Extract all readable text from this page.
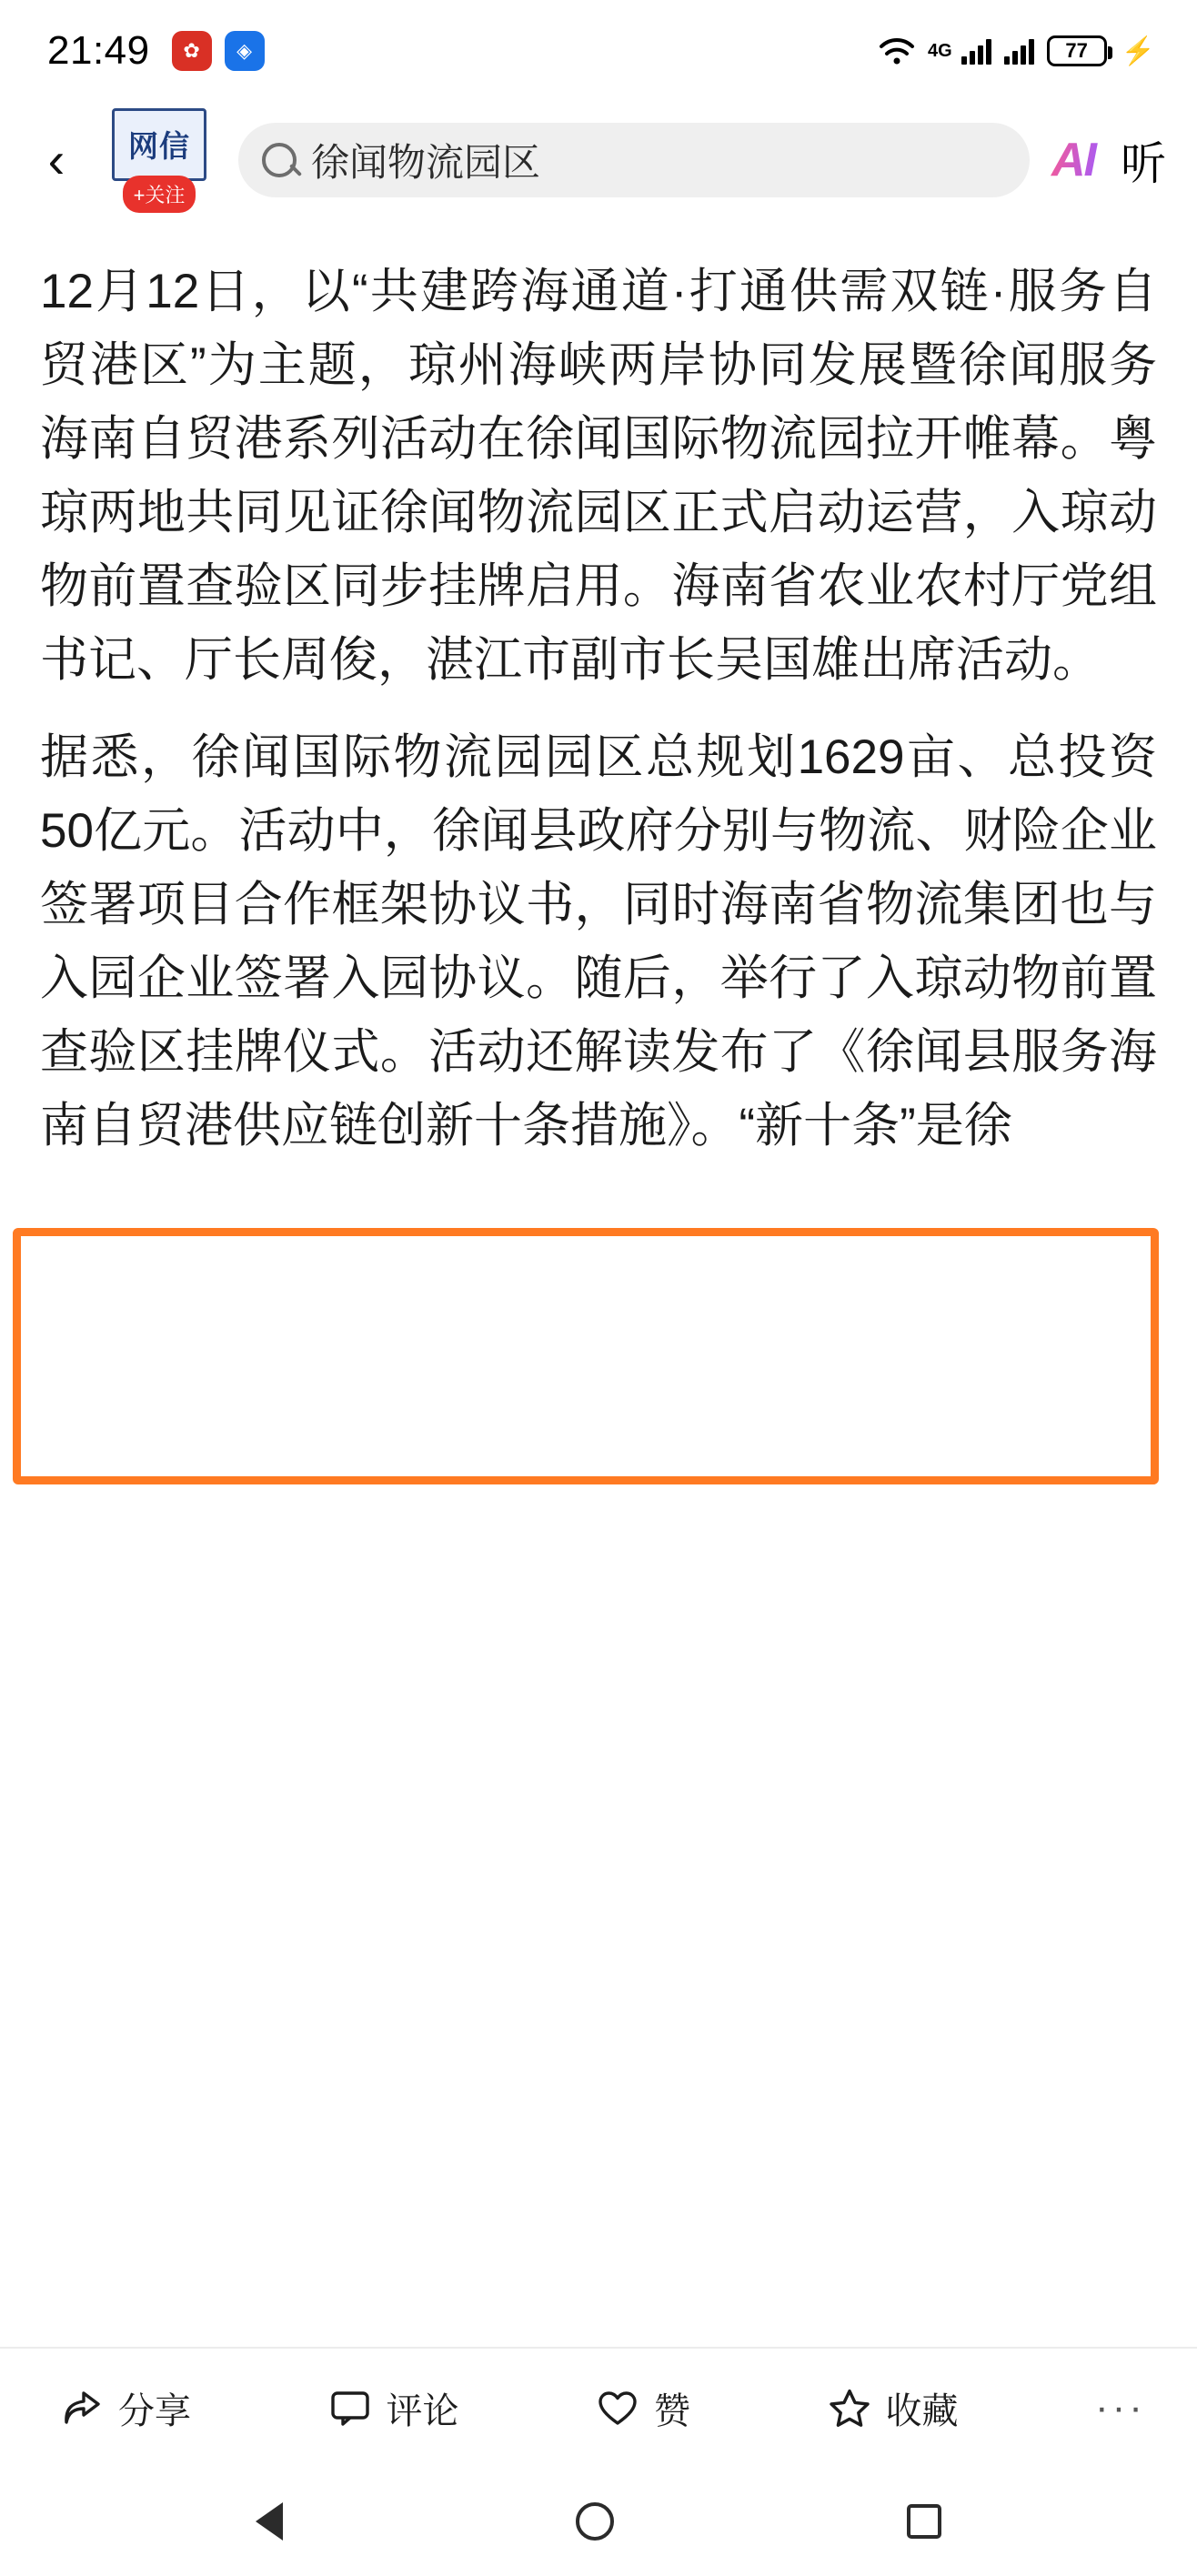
21:49	✿	◈	4G	77	⚡
‹	网信
+关注
徐闻物流园区	AI 听

12月12日，以“共建跨海通道·打通供需双链·服务自贸港区”为主题，琼州海峡两岸协同发展暨徐闻服务海南自贸港系列活动在徐闻国际物流园拉开帷幕。粤琼两地共同见证徐闻物流园区正式启动运营，入琼动物前置查验区同步挂牌启用。海南省农业农村厅党组书记、厅长周俊，湛江市副市长吴国雄出席活动。

据悉，徐闻国际物流园园区总规划1629亩、总投资50亿元。活动中，徐闻县政府分别与物流、财险企业签署项目合作框架协议书，同时海南省物流集团也与入园企业签署入园协议。随后，举行了入琼动物前置查验区挂牌仪式。活动还解读发布了《徐闻县服务海南自贸港供应链创新十条措施》。“新十条”是徐

分享	评论	赞	收藏	···
